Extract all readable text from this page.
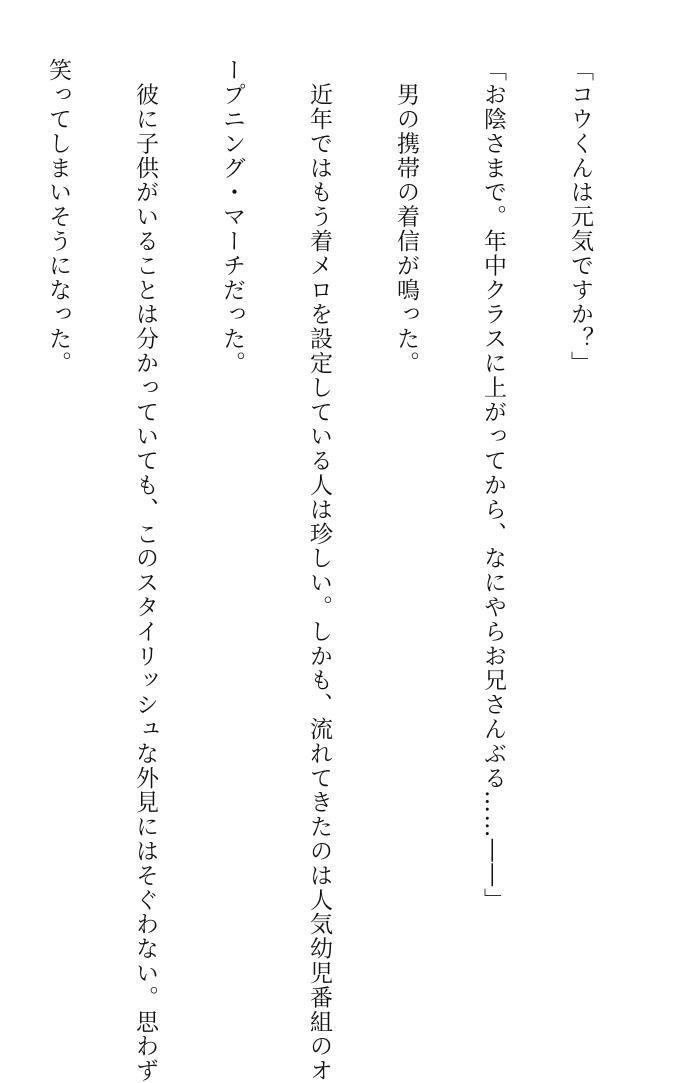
「コウくんは元気ですか？」

「お陰さまで。年中クラスに上がってから、なにやらお兄さんぶる……――」

　男の携帯の着信が鳴った。

　近年ではもう着メロを設定している人は珍しい。しかも、流れてきたのは人気幼児番組のオ

ープニング・マーチだった。

　彼に子供がいることは分かっていても、このスタイリッシュな外見にはそぐわない。思わず

笑ってしまいそうになった。
